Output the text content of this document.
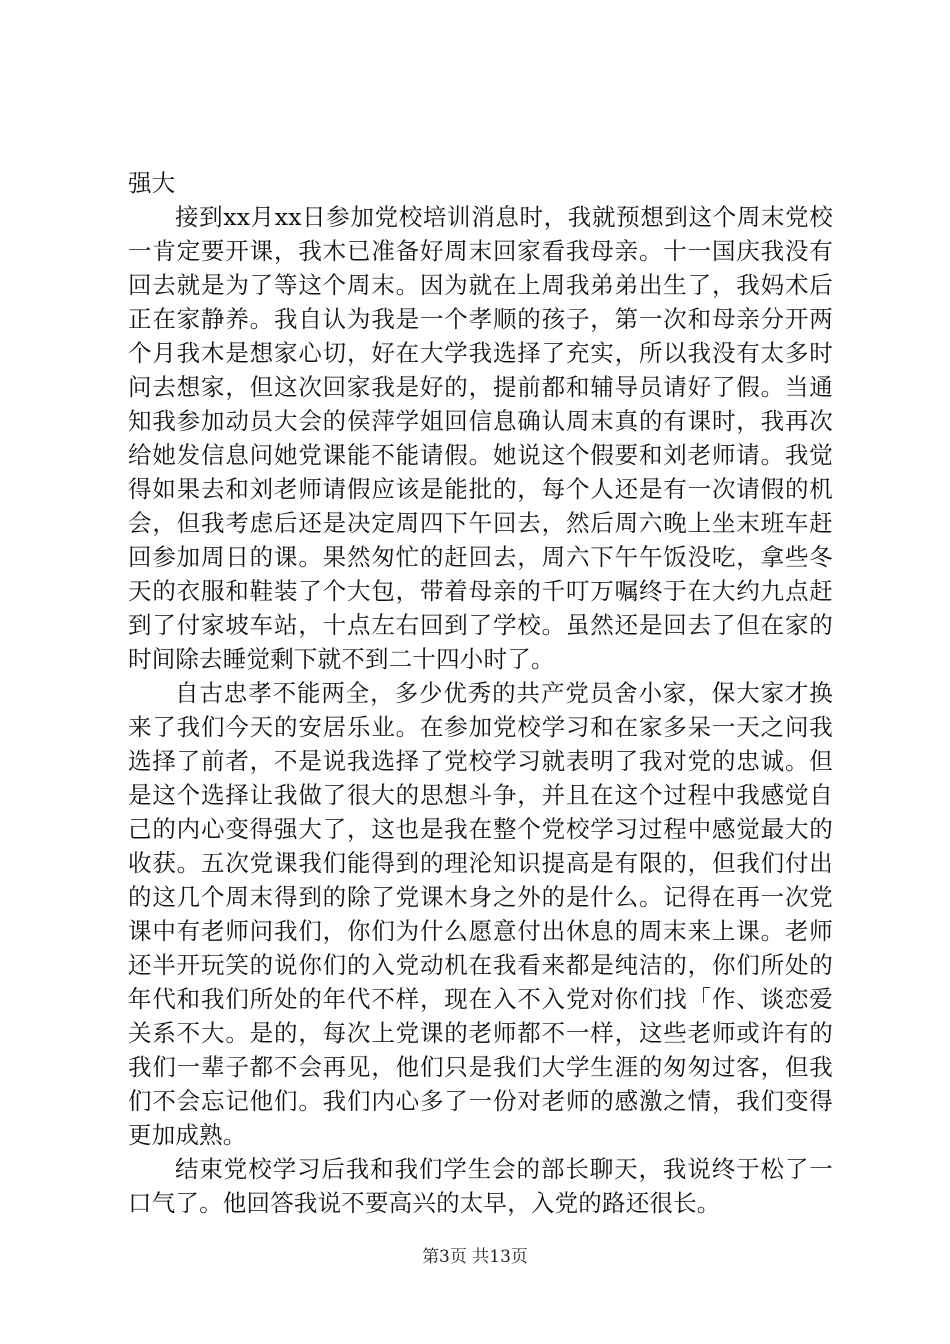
强大

接到xx月xx日参加党校培训消息时，我就预想到这个周末党校一肯定要开课，我木已准备好周末回家看我母亲。十一国庆我没有回去就是为了等这个周末。因为就在上周我弟弟出生了，我妈术后正在家静养。我自认为我是一个孝顺的孩子，第一次和母亲分开两个月我木是想家心切，好在大学我选择了充实，所以我没有太多时问去想家，但这次回家我是好的，提前都和辅导员请好了假。当通知我参加动员大会的侯萍学姐回信息确认周末真的有课时，我再次给她发信息问她党课能不能请假。她说这个假要和刘老师请。我觉得如果去和刘老师请假应该是能批的，每个人还是有一次请假的机会，但我考虑后还是决定周四下午回去，然后周六晚上坐末班车赶回参加周日的课。果然匆忙的赶回去，周六下午午饭没吃，拿些冬天的衣服和鞋装了个大包，带着母亲的千叮万嘱终于在大约九点赶到了付家坡车站，十点左右回到了学校。虽然还是回去了但在家的时间除去睡觉剩下就不到二十四小时了。

自古忠孝不能两全，多少优秀的共产党员舍小家，保大家才换来了我们今天的安居乐业。在参加党校学习和在家多呆一天之问我选择了前者，不是说我选择了党校学习就表明了我对党的忠诚。但是这个选择让我做了很大的思想斗争，并且在这个过程中我感觉自己的内心变得强大了，这也是我在整个党校学习过程中感觉最大的收获。五次党课我们能得到的理沦知识提高是有限的，但我们付出的这几个周末得到的除了党课木身之外的是什么。记得在再一次党课中有老师问我们，你们为什么愿意付出休息的周末来上课。老师还半开玩笑的说你们的入党动机在我看来都是纯洁的，你们所处的年代和我们所处的年代不样，现在入不入党对你们找「作、谈恋爱关系不大。是的，每次上党课的老师都不一样，这些老师或许有的我们一辈子都不会再见，他们只是我们大学生涯的匆匆过客，但我们不会忘记他们。我们内心多了一份对老师的感激之情，我们变得更加成熟。

结束党校学习后我和我们学生会的部长聊天，我说终于松了一口气了。他回答我说不要高兴的太早，入党的路还很长。

第3页 共13页
